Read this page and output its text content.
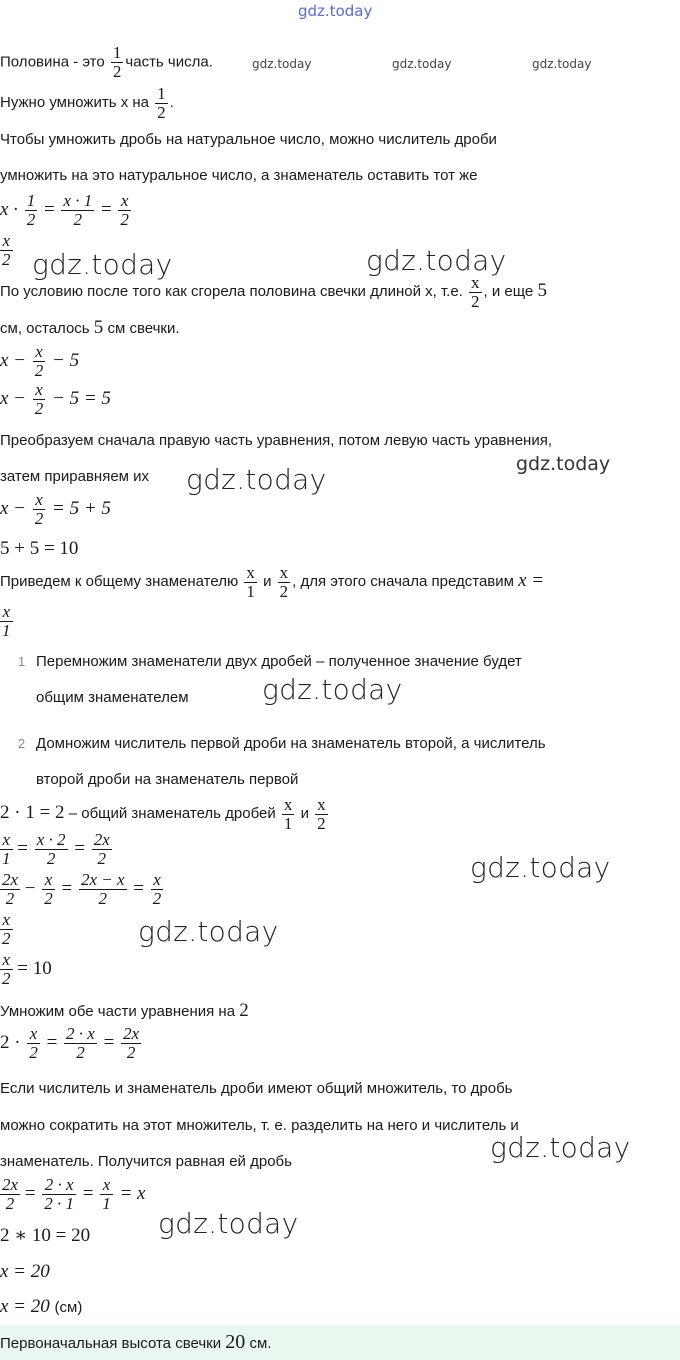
gdz.today
Половина - это $\frac{1}{2}$ часть числа.	gdz.today	gdz.today	gdz.today
Нужно умножить x на $\frac{1}{2}$ .
Чтобы умножить дробь на натуральное число, можно числитель дроби
умножить на это натуральное число, а знаменатель оставить тот же
$x \cdot \frac{1}{2} = \frac{x \cdot 1}{2} = \frac{x}{2}$
$\frac{x}{2}$ gdz.today	gdz.today
По условию после того как сгорела половина свечки длиной х, т.е. $\frac{x}{2}$ , и еще 5
см, осталось 5 см свечки.
$x - \frac{x}{2} - 5$
$x - \frac{x}{2} - 5 = 5$
Преобразуем сначала правую часть уравнения, потом левую часть уравнения,
gdz.today
затем приравняем их gdz.today
$x - \frac{x}{2} = 5 + 5$
5 + 5 = 10
Приведем к общему знаменателю $\frac{x}{1}$ и $\frac{x}{2}$ , для этого сначала представим x =
$\frac{x}{1}$
1 Перемножим знаменатели двух дробей – полученное значение будет
общим знаменателем	gdz.today
2 Домножим числитель первой дроби на знаменатель второй, а числитель
второй дроби на знаменатель первой
2 · 1 = 2 – общий знаменатель дробей $\frac{x}{1}$ и $\frac{x}{2}$
$\frac{x}{1} = \frac{x \cdot 2}{2} = \frac{2x}{2}$
$\frac{2x}{2} - \frac{x}{2} = \frac{2x - x}{2} = \frac{x}{2}$
gdz.today
$\frac{x}{2}$	gdz.today
$\frac{x}{2} = 10$
Умножим обе части уравнения на 2
$2 \cdot \frac{x}{2} = \frac{2 \cdot x}{2} = \frac{2x}{2}$
Если числитель и знаменатель дроби имеют общий множитель, то дробь
можно сократить на этот множитель, т. е. разделить на него и числитель и
знаменатель. Получится равная ей дробь	gdz.today
$\frac{2x}{2} = \frac{2 \cdot x}{2 \cdot 1} = \frac{x}{1} = x$
gdz.today
2 ∗ 10 = 20
x = 20
x = 20 (см)
Первоначальная высота свечки 20 см.
